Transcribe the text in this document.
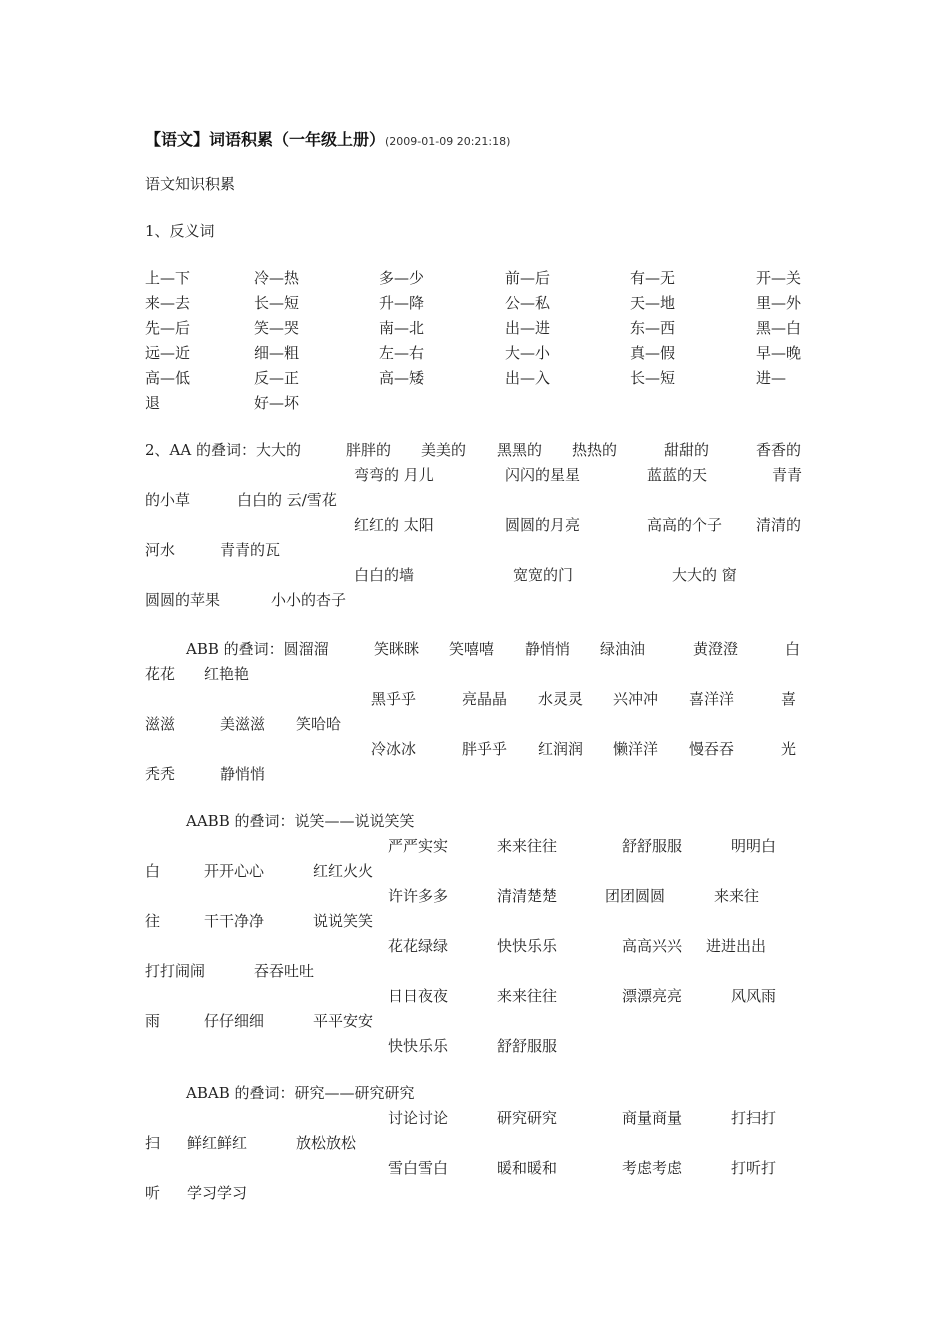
【语文】词语积累（一年级上册）(2009-01-09 20:21:18)
语文知识积累
1、反义词
上—下	冷—热	多—少	前—后	有—无	开—关
来—去	长—短	升—降	公—私	天—地	里—外
先—后	笑—哭	南—北	出—进	东—西	黑—白
远—近	细—粗	左—右	大—小	真—假	早—晚
高—低	反—正	高—矮	出—入	长—短	进—
退	好—坏
2、AA 的叠词：大大的	胖胖的 美美的 黑黑的 热热的	甜甜的	香香的
弯弯的 月儿	闪闪的星星	蓝蓝的天	青青
的小草	白白的 云/雪花
红红的 太阳	圆圆的月亮	高高的个子 清清的
河水	青青的瓦
白白的墙	宽宽的门	大大的 窗
圆圆的苹果	小小的杏子
ABB 的叠词：圆溜溜	笑眯眯 笑嘻嘻 静悄悄 绿油油	黄澄澄	白
花花 红艳艳
黑乎乎	亮晶晶 水灵灵 兴冲冲 喜洋洋	喜
滋滋	美滋滋 笑哈哈
冷冰冰	胖乎乎 红润润 懒洋洋 慢吞吞	光
秃秃	静悄悄
AABB 的叠词：说笑——说说笑笑
严严实实	来来往往	舒舒服服	明明白
白	开开心心	红红火火
许许多多	清清楚楚	团团圆圆	来来往
往	干干净净	说说笑笑
花花绿绿	快快乐乐	高高兴兴 进进出出
打打闹闹	吞吞吐吐
日日夜夜	来来往往	漂漂亮亮	风风雨
雨	仔仔细细	平平安安
快快乐乐	舒舒服服
ABAB 的叠词：研究——研究研究
讨论讨论	研究研究	商量商量	打扫打
扫 鲜红鲜红	放松放松
雪白雪白	暖和暖和	考虑考虑	打听打
听 学习学习
